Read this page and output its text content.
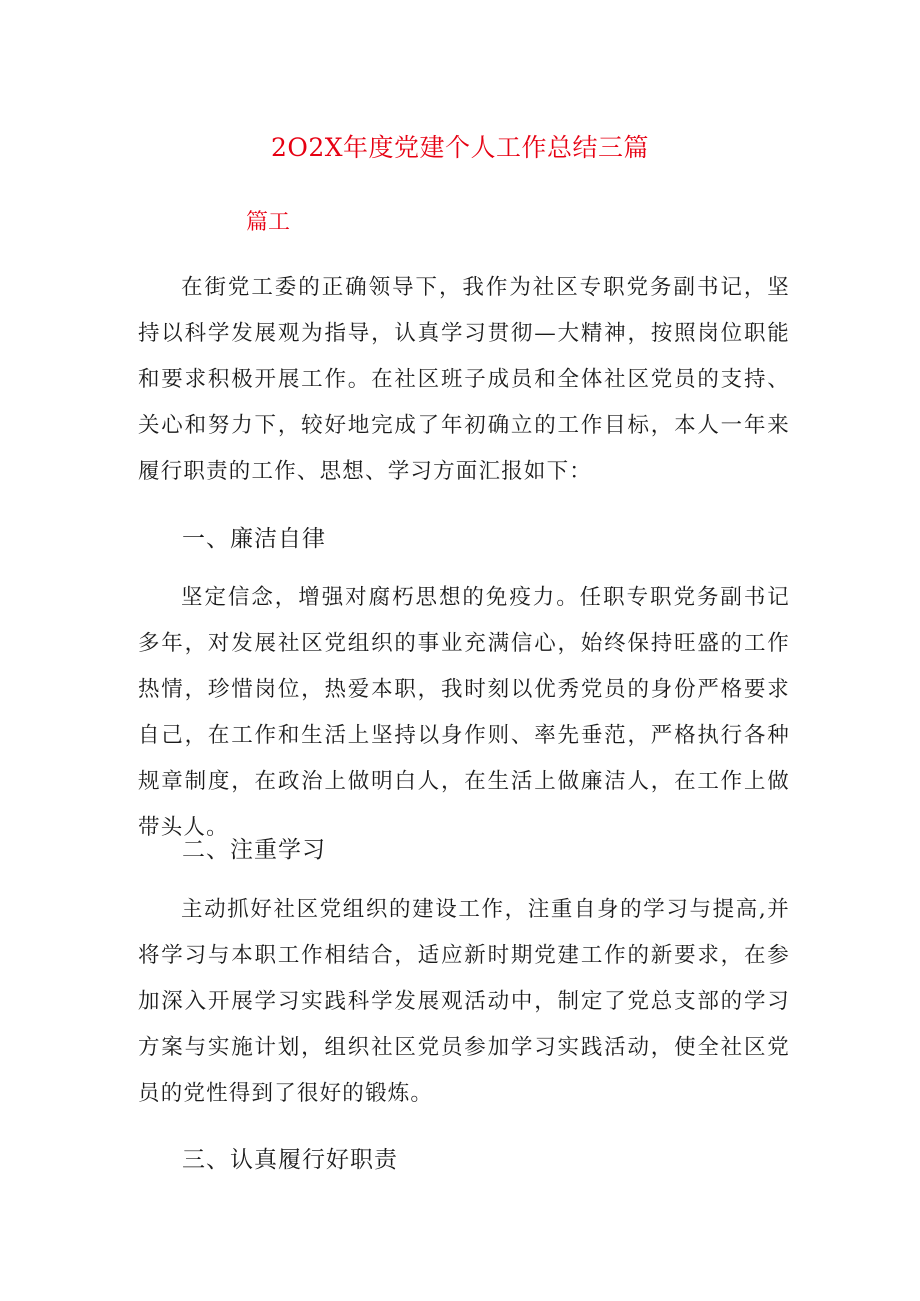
2O2X年度党建个人工作总结三篇
篇工
在街党工委的正确领导下，我作为社区专职党务副书记，坚持以科学发展观为指导，认真学习贯彻—大精神，按照岗位职能和要求积极开展工作。在社区班子成员和全体社区党员的支持、关心和努力下，较好地完成了年初确立的工作目标，本人一年来履行职责的工作、思想、学习方面汇报如下：
一、廉洁自律
坚定信念，增强对腐朽思想的免疫力。任职专职党务副书记多年，对发展社区党组织的事业充满信心，始终保持旺盛的工作热情，珍惜岗位，热爱本职，我时刻以优秀党员的身份严格要求自己，在工作和生活上坚持以身作则、率先垂范，严格执行各种规章制度，在政治上做明白人，在生活上做廉洁人，在工作上做带头人。
二、注重学习
主动抓好社区党组织的建设工作，注重自身的学习与提高,并将学习与本职工作相结合，适应新时期党建工作的新要求，在参加深入开展学习实践科学发展观活动中，制定了党总支部的学习方案与实施计划，组织社区党员参加学习实践活动，使全社区党员的党性得到了很好的锻炼。
三、认真履行好职责
